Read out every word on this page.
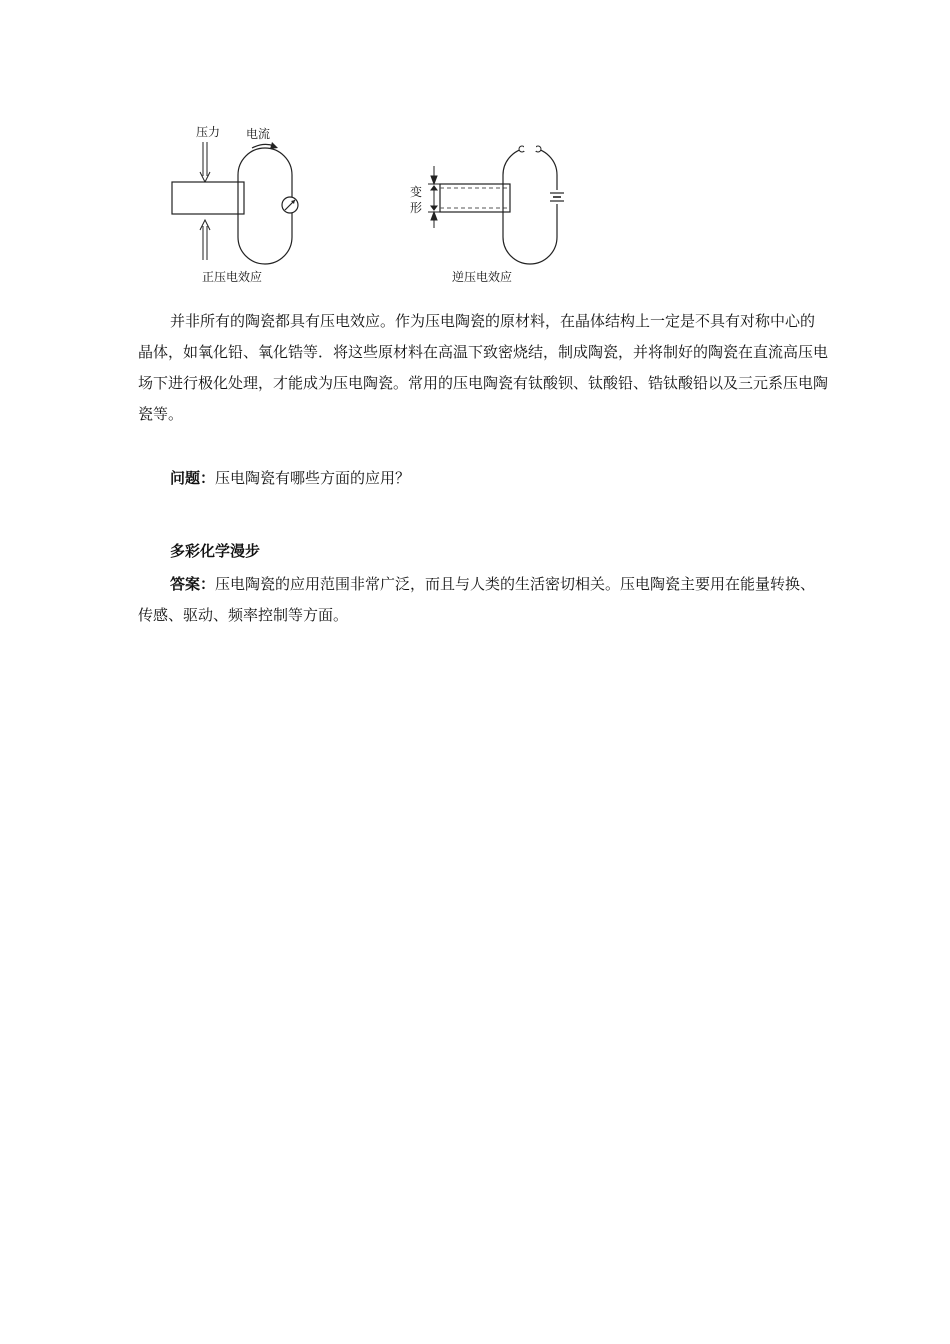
压力 电流
正压电效应
变
形
逆压电效应

并非所有的陶瓷都具有压电效应。作为压电陶瓷的原材料，在晶体结构上一定是不具有对称中心的晶体，如氧化铅、氧化锆等．将这些原材料在高温下致密烧结，制成陶瓷，并将制好的陶瓷在直流高压电场下进行极化处理，才能成为压电陶瓷。常用的压电陶瓷有钛酸钡、钛酸铅、锆钛酸铅以及三元系压电陶瓷等。

问题：压电陶瓷有哪些方面的应用？

多彩化学漫步

答案：压电陶瓷的应用范围非常广泛，而且与人类的生活密切相关。压电陶瓷主要用在能量转换、传感、驱动、频率控制等方面。
